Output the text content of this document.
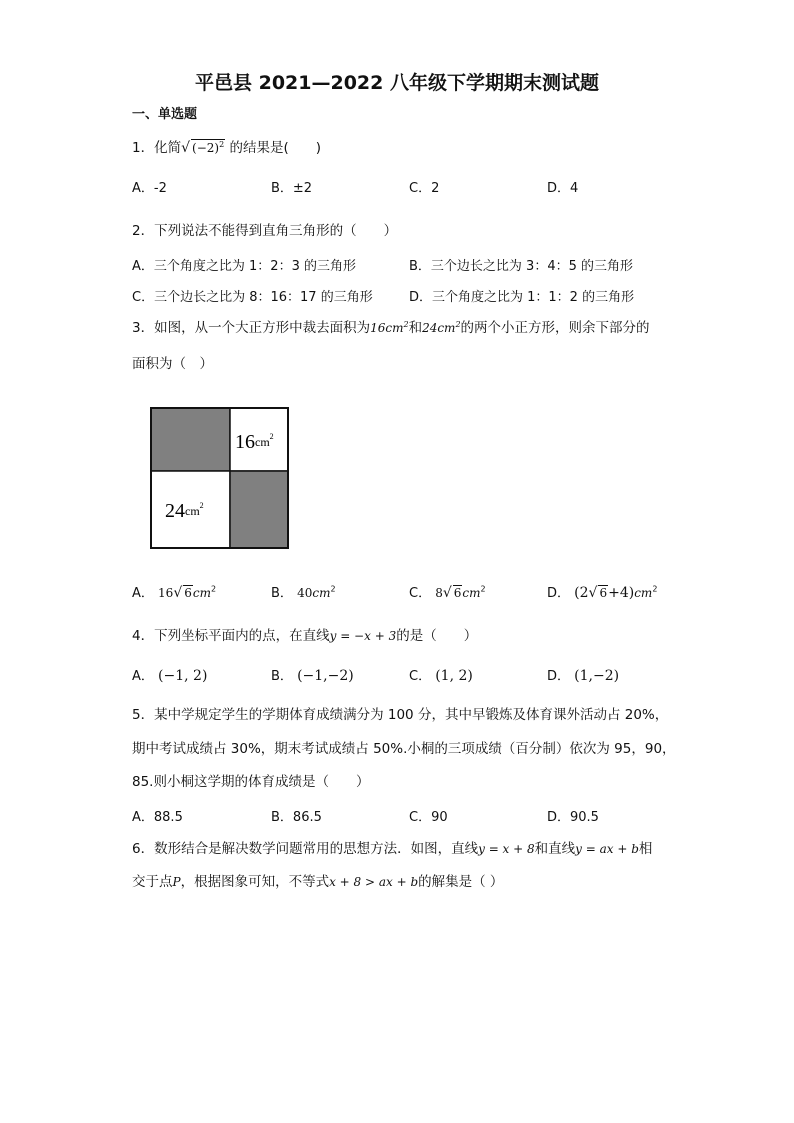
平邑县 2021—2022 八年级下学期期末测试题
一、单选题
1．化简√ $(-2)^2$ 的结果是(　　)
A．-2	B．±2	C．2	D．4
2．下列说法不能得到直角三角形的（　　）
A．三个角度之比为 1：2：3 的三角形	B．三个边长之比为 3：4：5 的三角形
C．三个边长之比为 8：16：17 的三角形	D．三个角度之比为 1：1：2 的三角形
3．如图，从一个大正方形中裁去面积为$16cm^2$和$24cm^2$的两个小正方形，则余下部分的
面积为（　）
$16cm^2$
$24cm^2$
A． 16√ $6cm^2$	B． $40cm^2$	C． 8√ $6cm^2$	D． (2√ $6+4)cm^2$
4．下列坐标平面内的点，在直线y = −x + 3的是（　　）
A． (−1, 2)	B． (−1,−2)	C． (1, 2)	D． (1,−2)
5．某中学规定学生的学期体育成绩满分为 100 分，其中早锻炼及体育课外活动占 20%，
期中考试成绩占 30%，期末考试成绩占 50%.小桐的三项成绩（百分制）依次为 95，90，
85.则小桐这学期的体育成绩是（　　）
A．88.5	B．86.5	C．90	D．90.5
6．数形结合是解决数学问题常用的思想方法．如图，直线y = x + 8和直线y = ax + b相
交于点P，根据图象可知，不等式x + 8 > ax + b的解集是（ ）
